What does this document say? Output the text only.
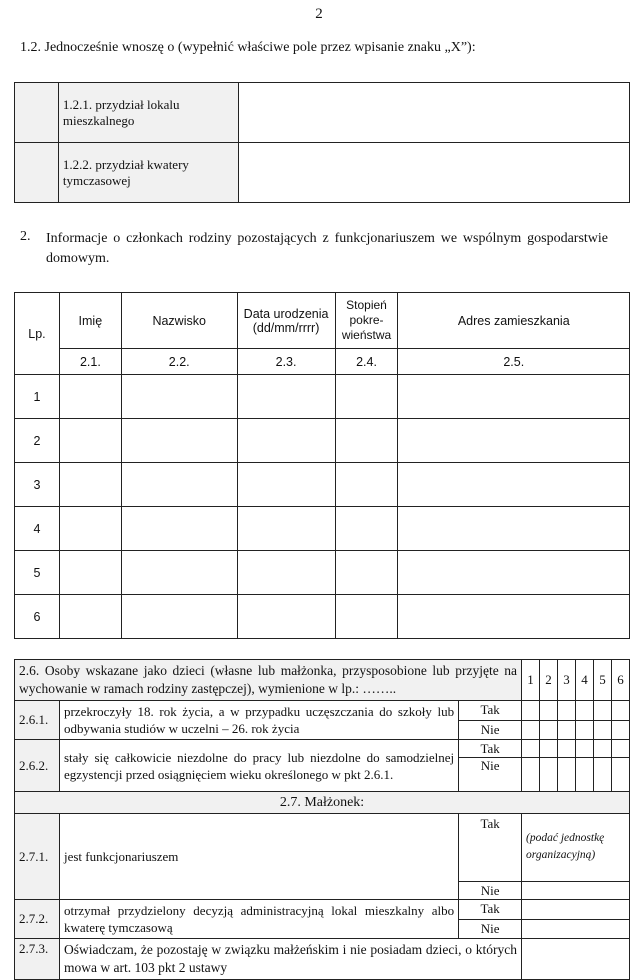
2
1.2. Jednocześnie wnoszę o (wypełnić właściwe pole przez wpisanie znaku „X”):
	1.2.1. przydział lokalu mieszkalnego	
	1.2.2. przydział kwatery tymczasowej	
2. Informacje o członkach rodziny pozostających z funkcjonariuszem we wspólnym gospodarstwie domowym.
Lp.	Imię	Nazwisko	Data urodzenia (dd/mm/rrrr)	Stopień pokre-wieństwa	Adres zamieszkania
	2.1.	2.2.	2.3.	2.4.	2.5.
1					
2					
3					
4					
5					
6					
2.6. Osoby wskazane jako dzieci (własne lub małżonka, przysposobione lub przyjęte na wychowanie w ramach rodziny zastępczej), wymienione w lp.: ……..			1	2	3	4	5	6
2.6.1.	przekroczyły 18. rok życia, a w przypadku uczęszczania do szkoły lub odbywania studiów w uczelni – 26. rok życia	Tak						
		Nie						
2.6.2.	stały się całkowicie niezdolne do pracy lub niezdolne do samodzielnej egzystencji przed osiągnięciem wieku określonego w pkt 2.6.1.	Tak						
		Nie						
2.7. Małżonek:								
2.7.1.	jest funkcjonariuszem	Tak	(podać jednostkę organizacyjną)					
		Nie						
2.7.2.	otrzymał przydzielony decyzją administracyjną lokal mieszkalny albo kwaterę tymczasową	Tak						
		Nie						
2.7.3.	Oświadczam, że pozostaję w związku małżeńskim i nie posiadam dzieci, o których mowa w art. 103 pkt 2 ustawy							
